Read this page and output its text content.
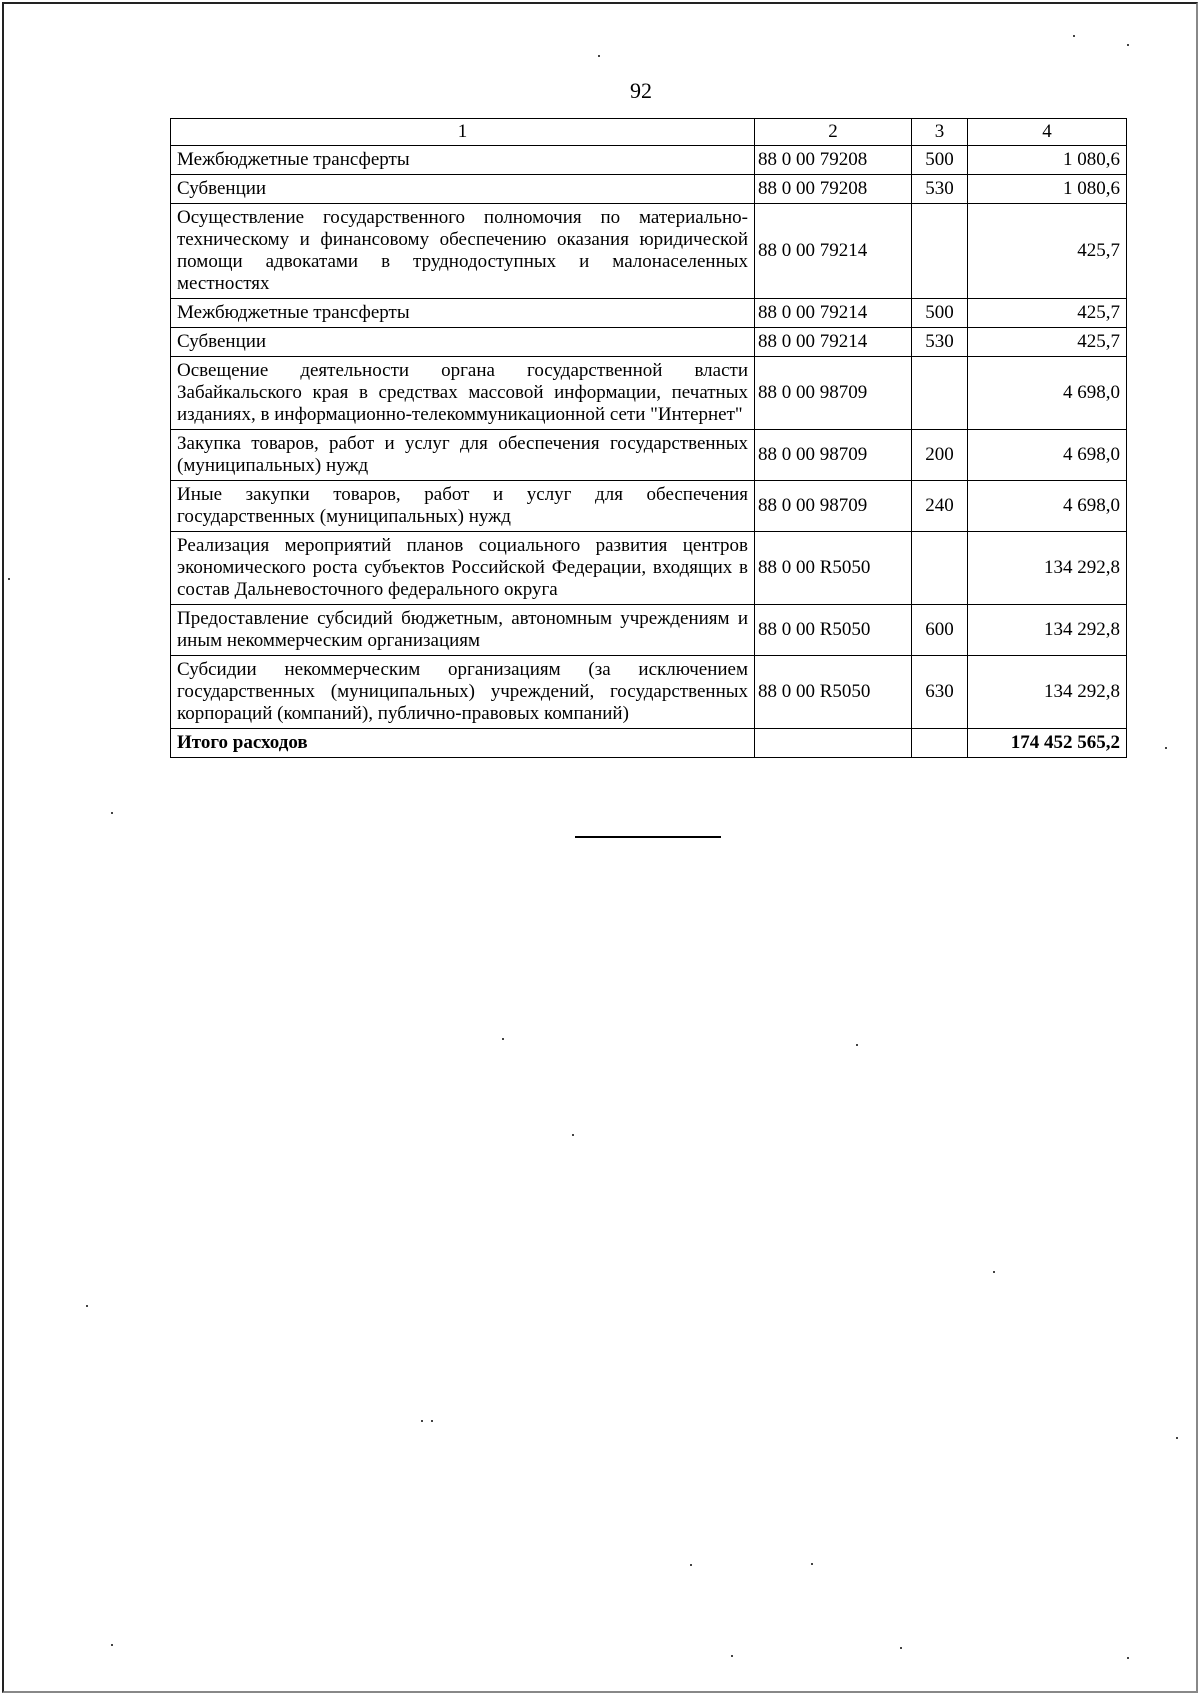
92
1	2	3	4
Межбюджетные трансферты	88 0 00 79208	500	1 080,6
Субвенции	88 0 00 79208	530	1 080,6
Осуществление государственного полномочия по материально-техническому и финансовому обеспечению оказания юридической помощи адвокатами в труднодоступных и малонаселенных местностях	88 0 00 79214		425,7
Межбюджетные трансферты	88 0 00 79214	500	425,7
Субвенции	88 0 00 79214	530	425,7
Освещение деятельности органа государственной власти Забайкальского края в средствах массовой информации, печатных изданиях, в информационно-телекоммуникационной сети "Интернет"	88 0 00 98709		4 698,0
Закупка товаров, работ и услуг для обеспечения государственных (муниципальных) нужд	88 0 00 98709	200	4 698,0
Иные закупки товаров, работ и услуг для обеспечения государственных (муниципальных) нужд	88 0 00 98709	240	4 698,0
Реализация мероприятий планов социального развития центров экономического роста субъектов Российской Федерации, входящих в состав Дальневосточного федерального округа	88 0 00 R5050		134 292,8
Предоставление субсидий бюджетным, автономным учреждениям и иным некоммерческим организациям	88 0 00 R5050	600	134 292,8
Субсидии некоммерческим организациям (за исключением государственных (муниципальных) учреждений, государственных корпораций (компаний), публично-правовых компаний)	88 0 00 R5050	630	134 292,8
Итого расходов			174 452 565,2
